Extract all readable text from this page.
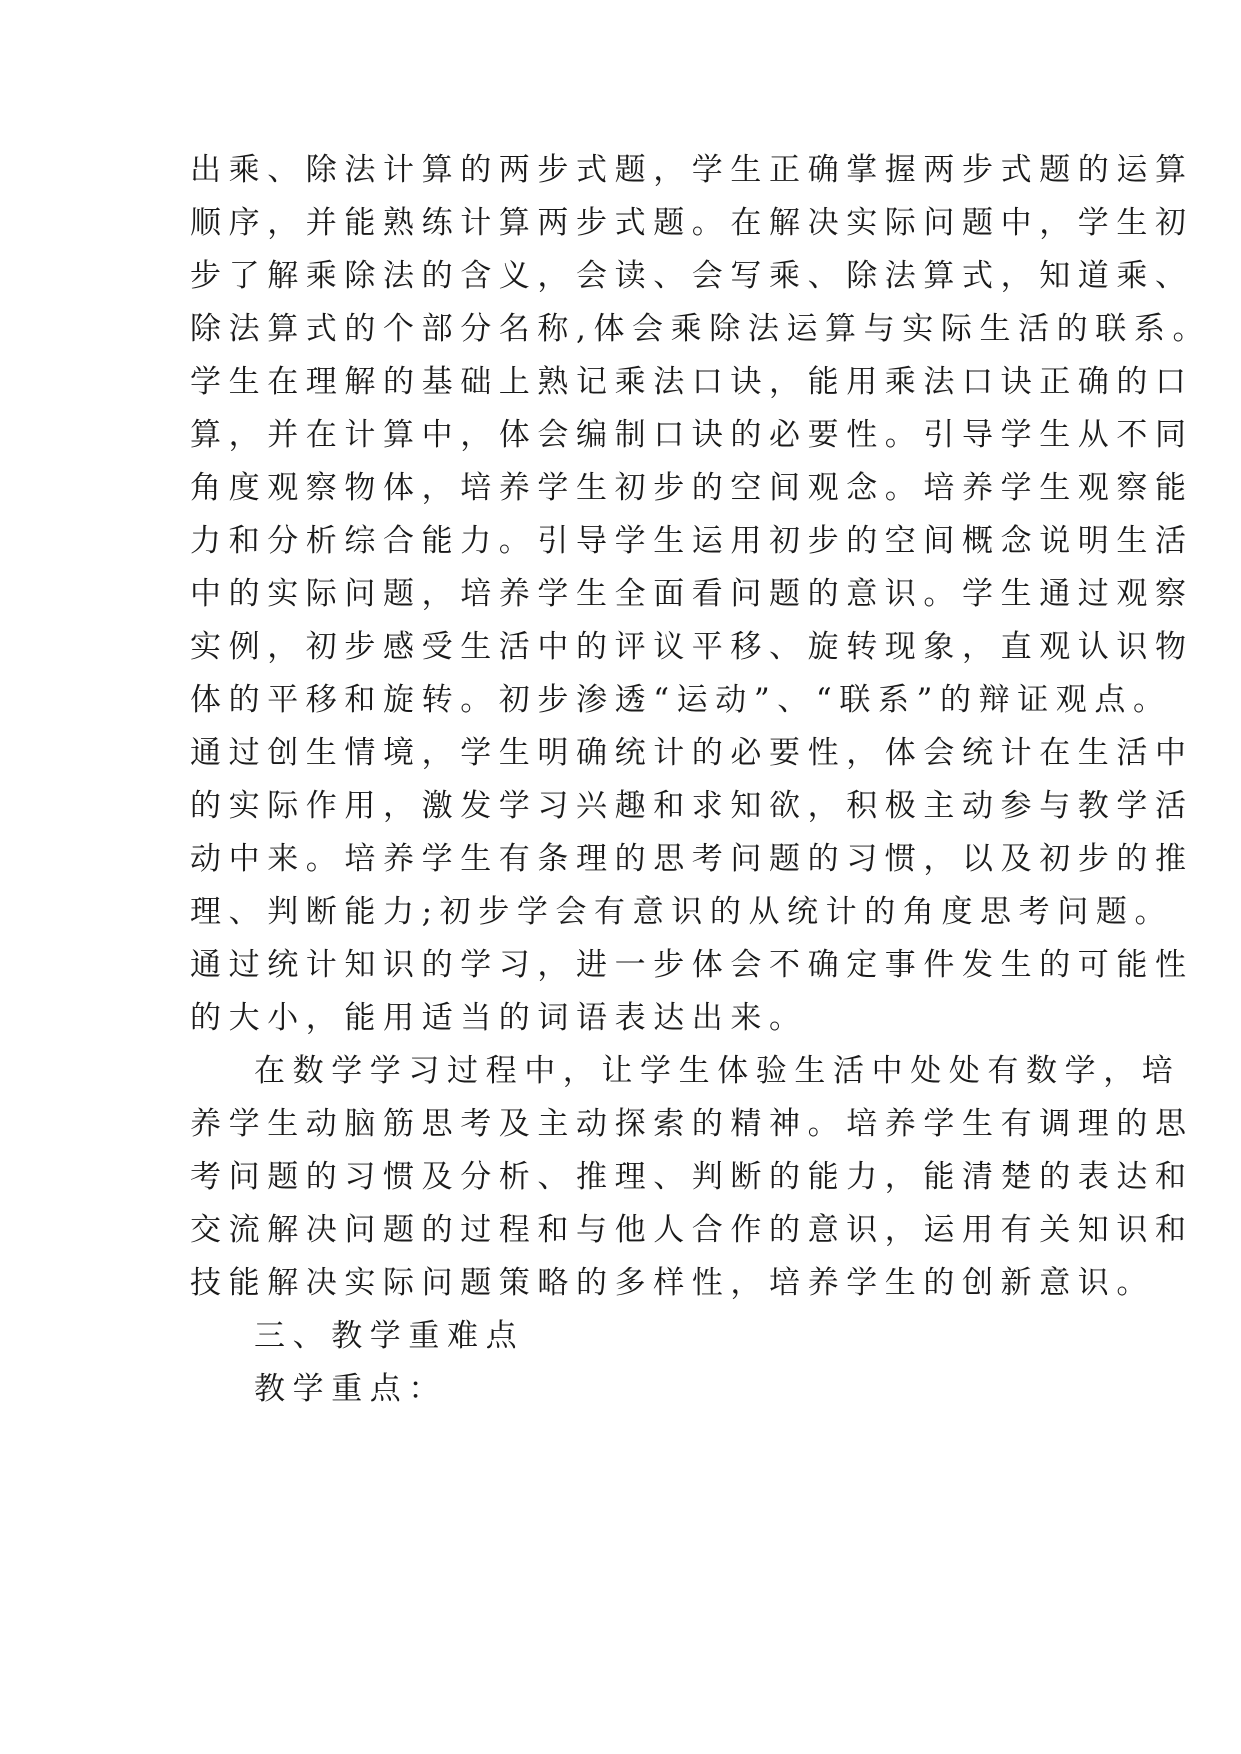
出乘、除法计算的两步式题，学生正确掌握两步式题的运算
顺序，并能熟练计算两步式题。在解决实际问题中，学生初
步了解乘除法的含义，会读、会写乘、除法算式，知道乘、
除法算式的个部分名称,体会乘除法运算与实际生活的联系。
学生在理解的基础上熟记乘法口诀，能用乘法口诀正确的口
算，并在计算中，体会编制口诀的必要性。引导学生从不同
角度观察物体，培养学生初步的空间观念。培养学生观察能
力和分析综合能力。引导学生运用初步的空间概念说明生活
中的实际问题，培养学生全面看问题的意识。学生通过观察
实例，初步感受生活中的评议平移、旋转现象，直观认识物
体的平移和旋转。初步渗透“运动”、“联系”的辩证观点。
通过创生情境，学生明确统计的必要性，体会统计在生活中
的实际作用，激发学习兴趣和求知欲，积极主动参与教学活
动中来。培养学生有条理的思考问题的习惯，以及初步的推
理、判断能力;初步学会有意识的从统计的角度思考问题。
通过统计知识的学习，进一步体会不确定事件发生的可能性
的大小，能用适当的词语表达出来。
在数学学习过程中，让学生体验生活中处处有数学，培
养学生动脑筋思考及主动探索的精神。培养学生有调理的思
考问题的习惯及分析、推理、判断的能力，能清楚的表达和
交流解决问题的过程和与他人合作的意识，运用有关知识和
技能解决实际问题策略的多样性，培养学生的创新意识。
三、教学重难点
教学重点：
